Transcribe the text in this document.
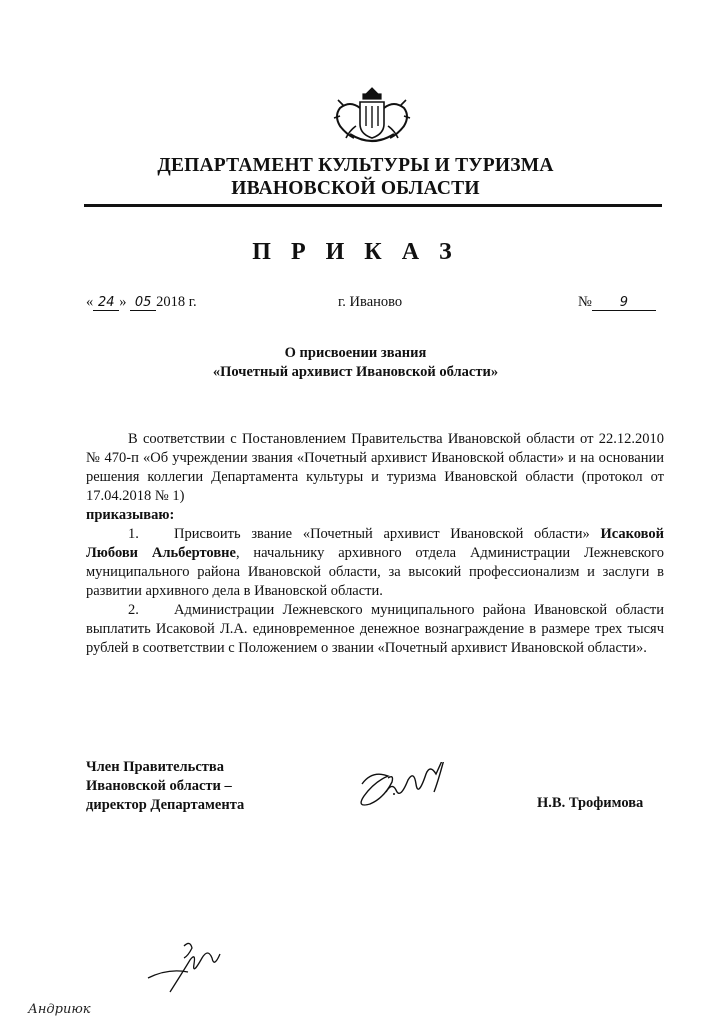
ДЕПАРТАМЕНТ КУЛЬТУРЫ И ТУРИЗМА
ИВАНОВСКОЙ ОБЛАСТИ
П Р И К А З
« 24 » 05 2018 г.	г. Иваново	№ 9
О присвоении звания
«Почетный архивист Ивановской области»

В соответствии с Постановлением Правительства Ивановской области от 22.12.2010 № 470-п «Об учреждении звания «Почетный архивист Ивановской области» и на основании решения коллегии Департамента культуры и туризма Ивановской области (протокол от 17.04.2018 № 1)

приказываю:

1. Присвоить звание «Почетный архивист Ивановской области» Исаковой Любови Альбертовне, начальнику архивного отдела Администрации Лежневского муниципального района Ивановской области, за высокий профессионализм и заслуги в развитии архивного дела в Ивановской области.

2. Администрации Лежневского муниципального района Ивановской области выплатить Исаковой Л.А. единовременное денежное вознаграждение в размере трех тысяч рублей в соответствии с Положением о звании «Почетный архивист Ивановской области».

Член Правительства
Ивановской области –
директор Департамента	Н.В. Трофимова
Андриюк
